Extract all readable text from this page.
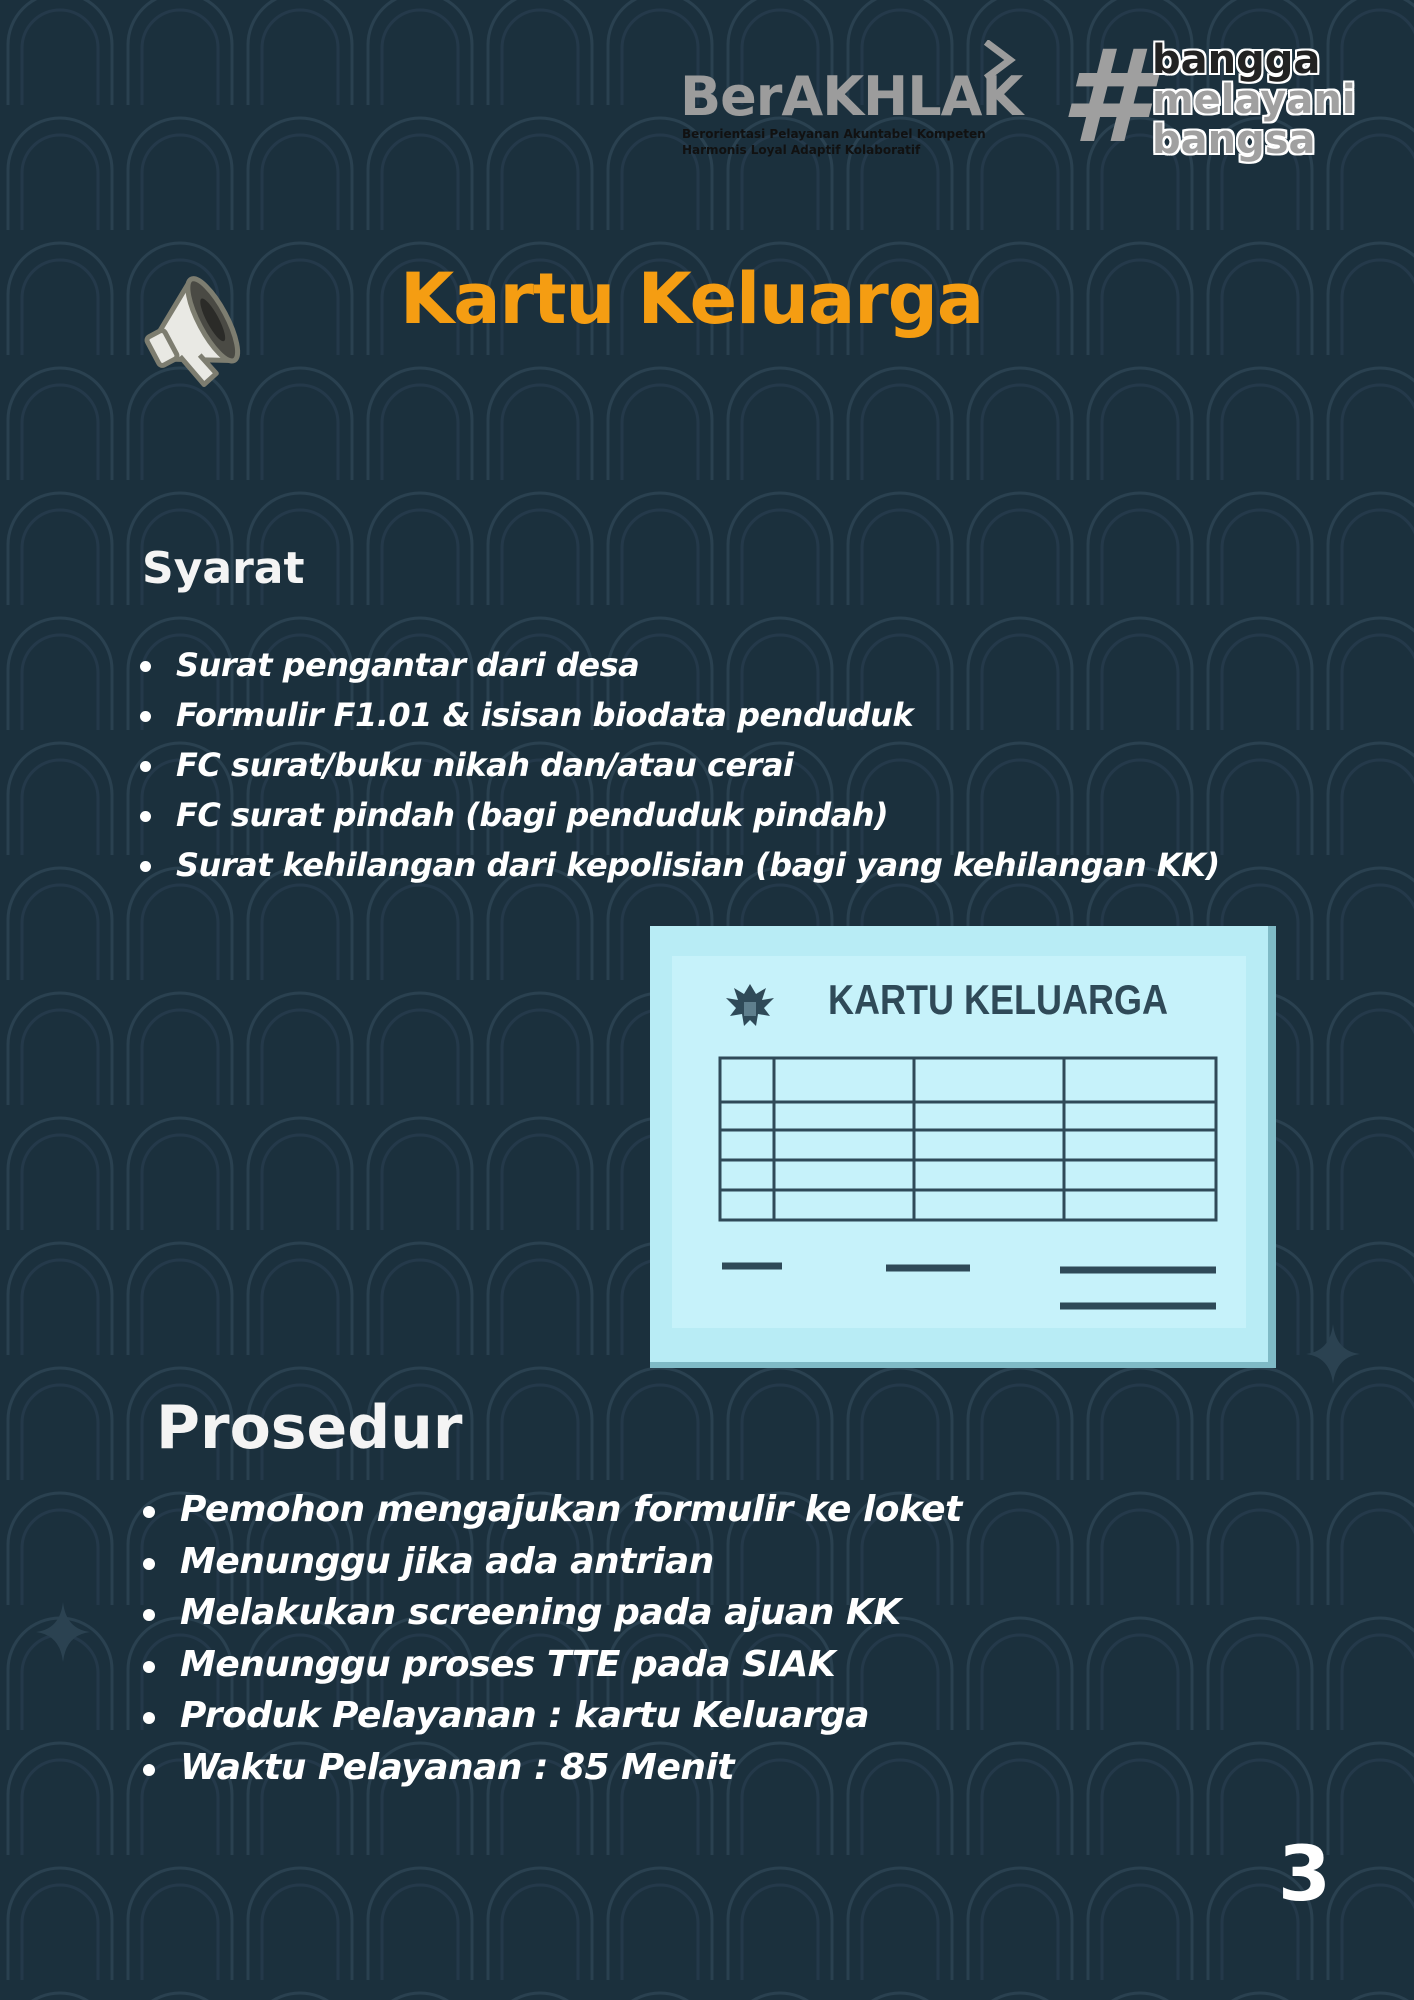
BerAKHLAK
Berorientasi Pelayanan Akuntabel Kompeten
Harmonis Loyal Adaptif Kolaboratif # bangga
melayani
bangsa
Kartu Keluarga
Syarat
Surat pengantar dari desa
Formulir F1.01 & isisan biodata penduduk
FC surat/buku nikah dan/atau cerai
FC surat pindah (bagi penduduk pindah)
Surat kehilangan dari kepolisian (bagi yang kehilangan KK)
KARTU KELUARGA
Prosedur
Pemohon mengajukan formulir ke loket
Menunggu jika ada antrian
Melakukan screening pada ajuan KK
Menunggu proses TTE pada SIAK
Produk Pelayanan : kartu Keluarga
Waktu Pelayanan : 85 Menit
3
